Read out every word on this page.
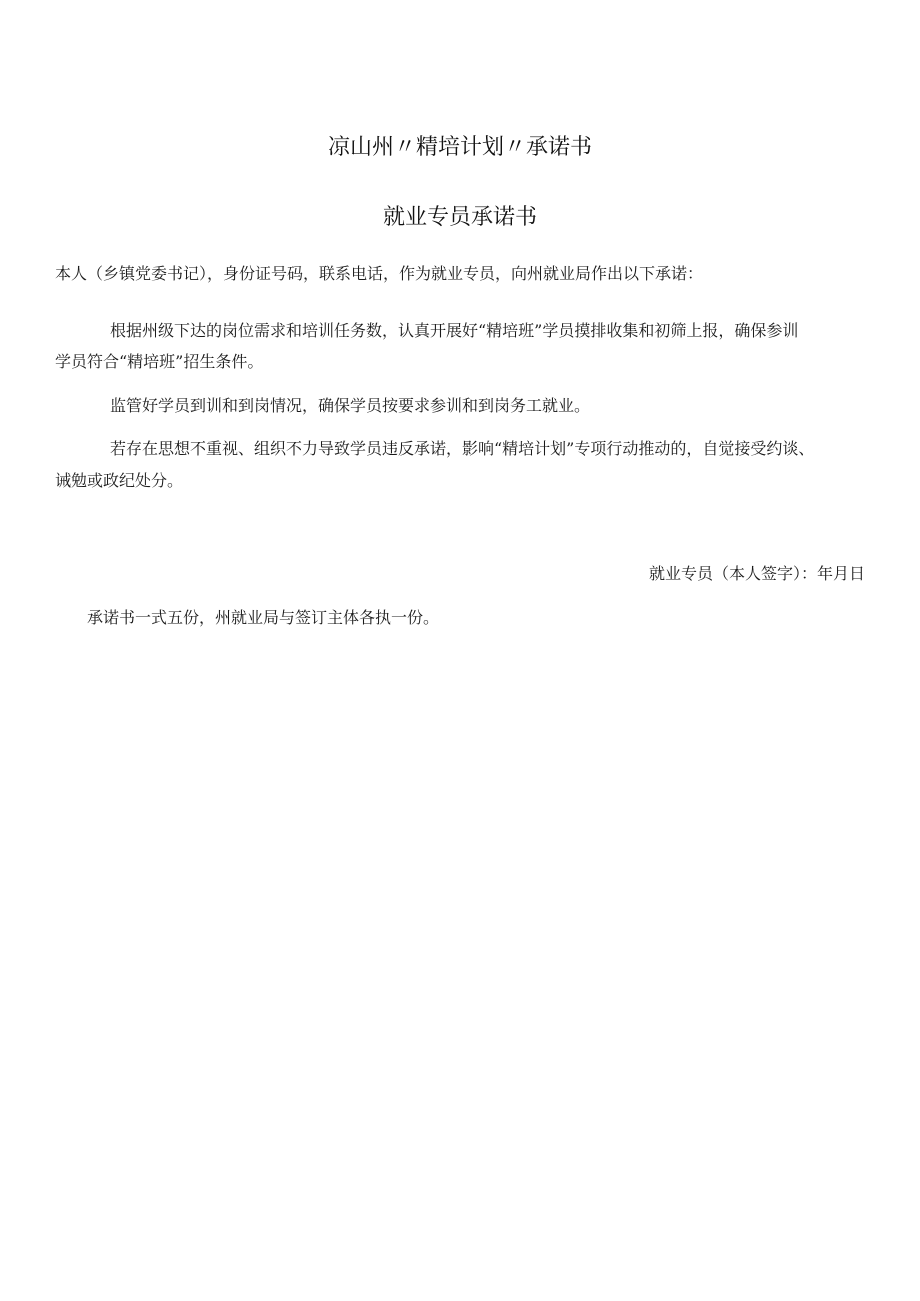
凉山州〃精培计划〃承诺书
就业专员承诺书
本人（乡镇党委书记），身份证号码，联系电话，作为就业专员，向州就业局作出以下承诺：
根据州级下达的岗位需求和培训任务数，认真开展好“精培班”学员摸排收集和初筛上报，确保参训
学员符合“精培班”招生条件。
监管好学员到训和到岗情况，确保学员按要求参训和到岗务工就业。
若存在思想不重视、组织不力导致学员违反承诺，影响“精培计划”专项行动推动的，自觉接受约谈、
诫勉或政纪处分。
就业专员（本人签字）：年月日
承诺书一式五份，州就业局与签订主体各执一份。
